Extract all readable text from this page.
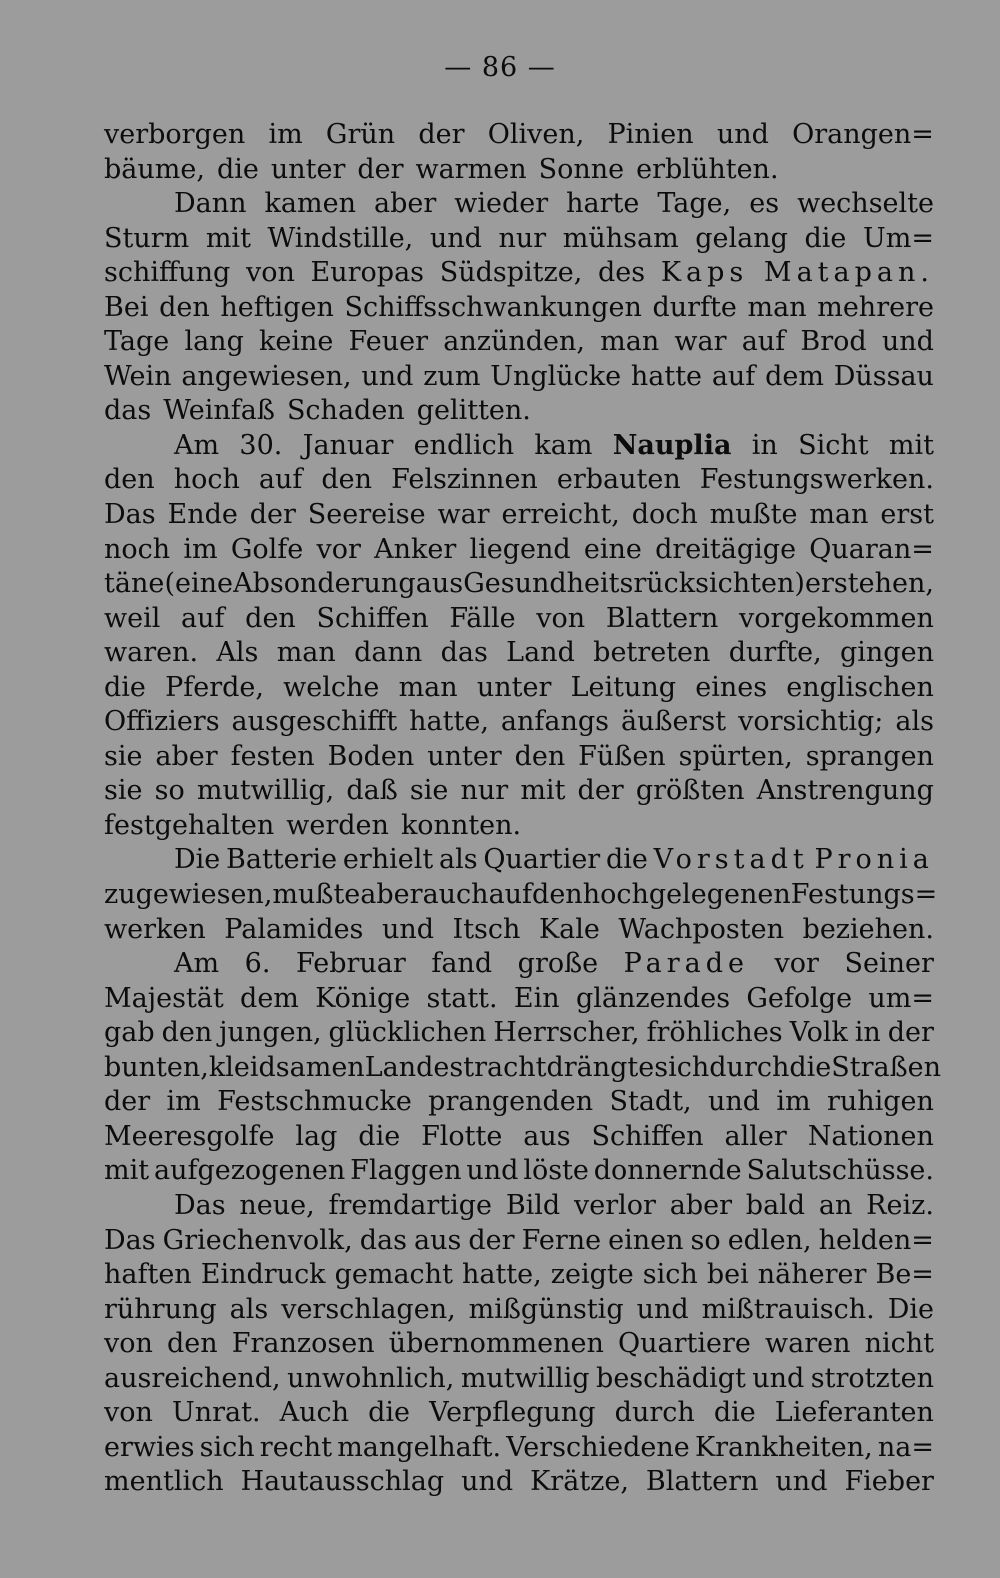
— 86 —
verborgen im Grün der Oliven, Pinien und Orangen=
bäume, die unter der warmen Sonne erblühten.
Dann kamen aber wieder harte Tage, es wechselte
Sturm mit Windstille, und nur mühsam gelang die Um=
schiffung von Europas Südspitze, des Kaps Matapan.
Bei den heftigen Schiffsschwankungen durfte man mehrere
Tage lang keine Feuer anzünden, man war auf Brod und
Wein angewiesen, und zum Unglücke hatte auf dem Düssau
das Weinfaß Schaden gelitten.
Am 30. Januar endlich kam Nauplia in Sicht mit
den hoch auf den Felszinnen erbauten Festungswerken.
Das Ende der Seereise war erreicht, doch mußte man erst
noch im Golfe vor Anker liegend eine dreitägige Quaran=
täne (eine Absonderung aus Gesundheitsrücksichten) erstehen,
weil auf den Schiffen Fälle von Blattern vorgekommen
waren. Als man dann das Land betreten durfte, gingen
die Pferde, welche man unter Leitung eines englischen
Offiziers ausgeschifft hatte, anfangs äußerst vorsichtig; als
sie aber festen Boden unter den Füßen spürten, sprangen
sie so mutwillig, daß sie nur mit der größten Anstrengung
festgehalten werden konnten.
Die Batterie erhielt als Quartier die Vorstadt Pronia
zugewiesen, mußte aber auch auf den hochgelegenen Festungs=
werken Palamides und Itsch Kale Wachposten beziehen.
Am 6. Februar fand große Parade vor Seiner
Majestät dem Könige statt. Ein glänzendes Gefolge um=
gab den jungen, glücklichen Herrscher, fröhliches Volk in der
bunten, kleidsamen Landestracht drängte sich durch die Straßen
der im Festschmucke prangenden Stadt, und im ruhigen
Meeresgolfe lag die Flotte aus Schiffen aller Nationen
mit aufgezogenen Flaggen und löste donnernde Salutschüsse.
Das neue, fremdartige Bild verlor aber bald an Reiz.
Das Griechenvolk, das aus der Ferne einen so edlen, helden=
haften Eindruck gemacht hatte, zeigte sich bei näherer Be=
rührung als verschlagen, mißgünstig und mißtrauisch. Die
von den Franzosen übernommenen Quartiere waren nicht
ausreichend, unwohnlich, mutwillig beschädigt und strotzten
von Unrat. Auch die Verpflegung durch die Lieferanten
erwies sich recht mangelhaft. Verschiedene Krankheiten, na=
mentlich Hautausschlag und Krätze, Blattern und Fieber
